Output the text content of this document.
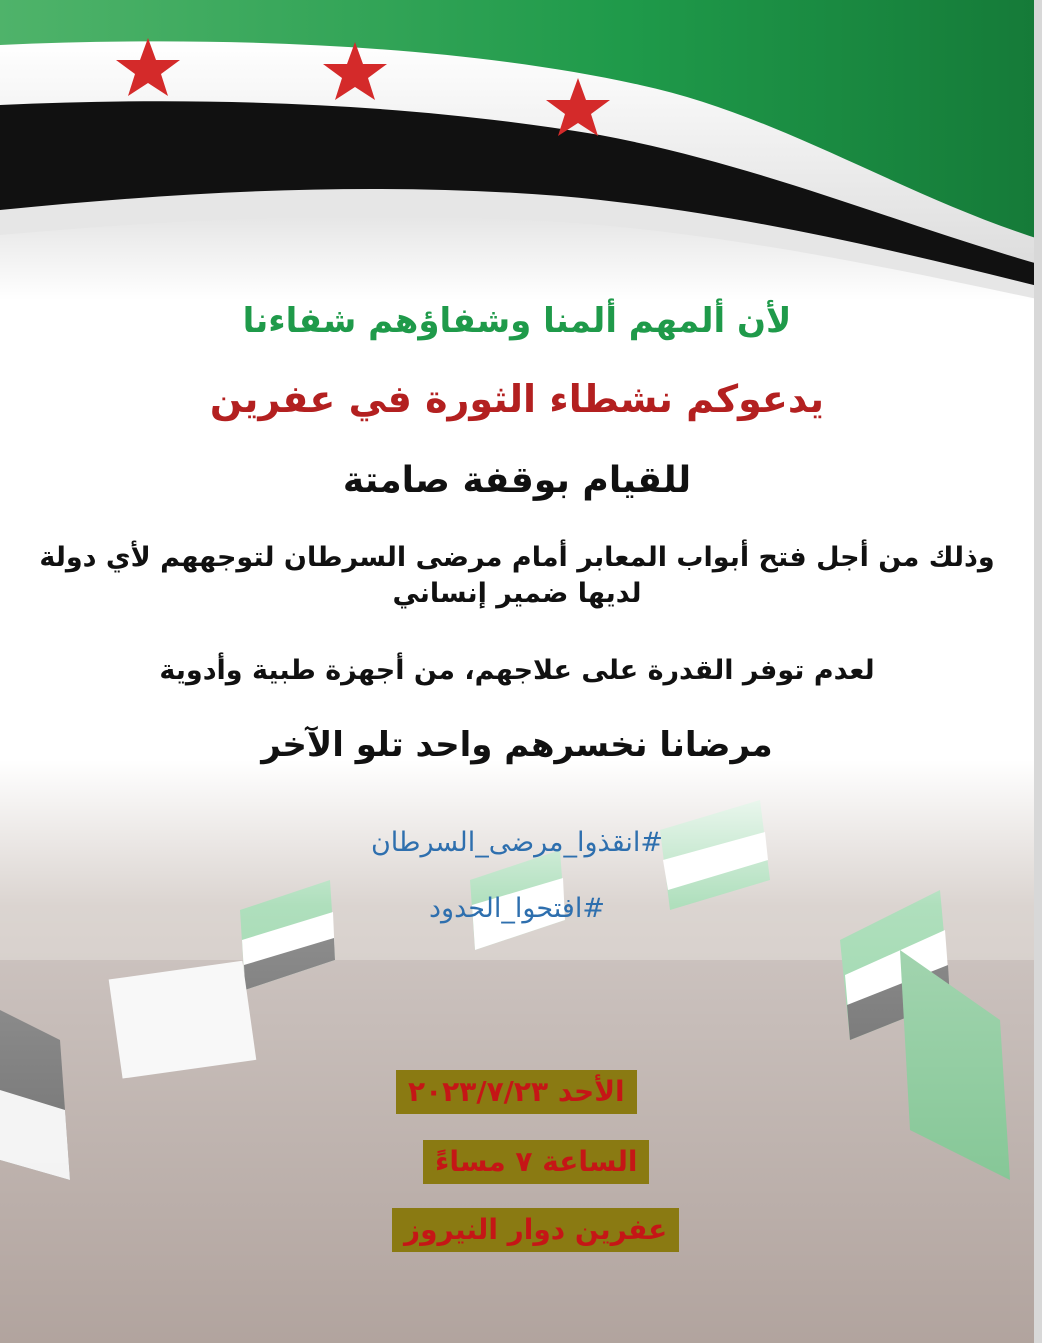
لأن ألمهم ألمنا وشفاؤهم شفاءنا

يدعوكم نشطاء الثورة في عفرين

للقيام بوقفة صامتة

وذلك من أجل فتح أبواب المعابر أمام مرضى السرطان لتوجههم لأي دولة لديها ضمير إنساني

لعدم توفر القدرة على علاجهم، من أجهزة طبية وأدوية

مرضانا نخسرهم واحد تلو الآخر

#انقذوا_مرضى_السرطان

#افتحوا_الحدود

الأحد ٢٠٢٣/٧/٢٣
الساعة ٧ مساءً
عفرين دوار النيروز
